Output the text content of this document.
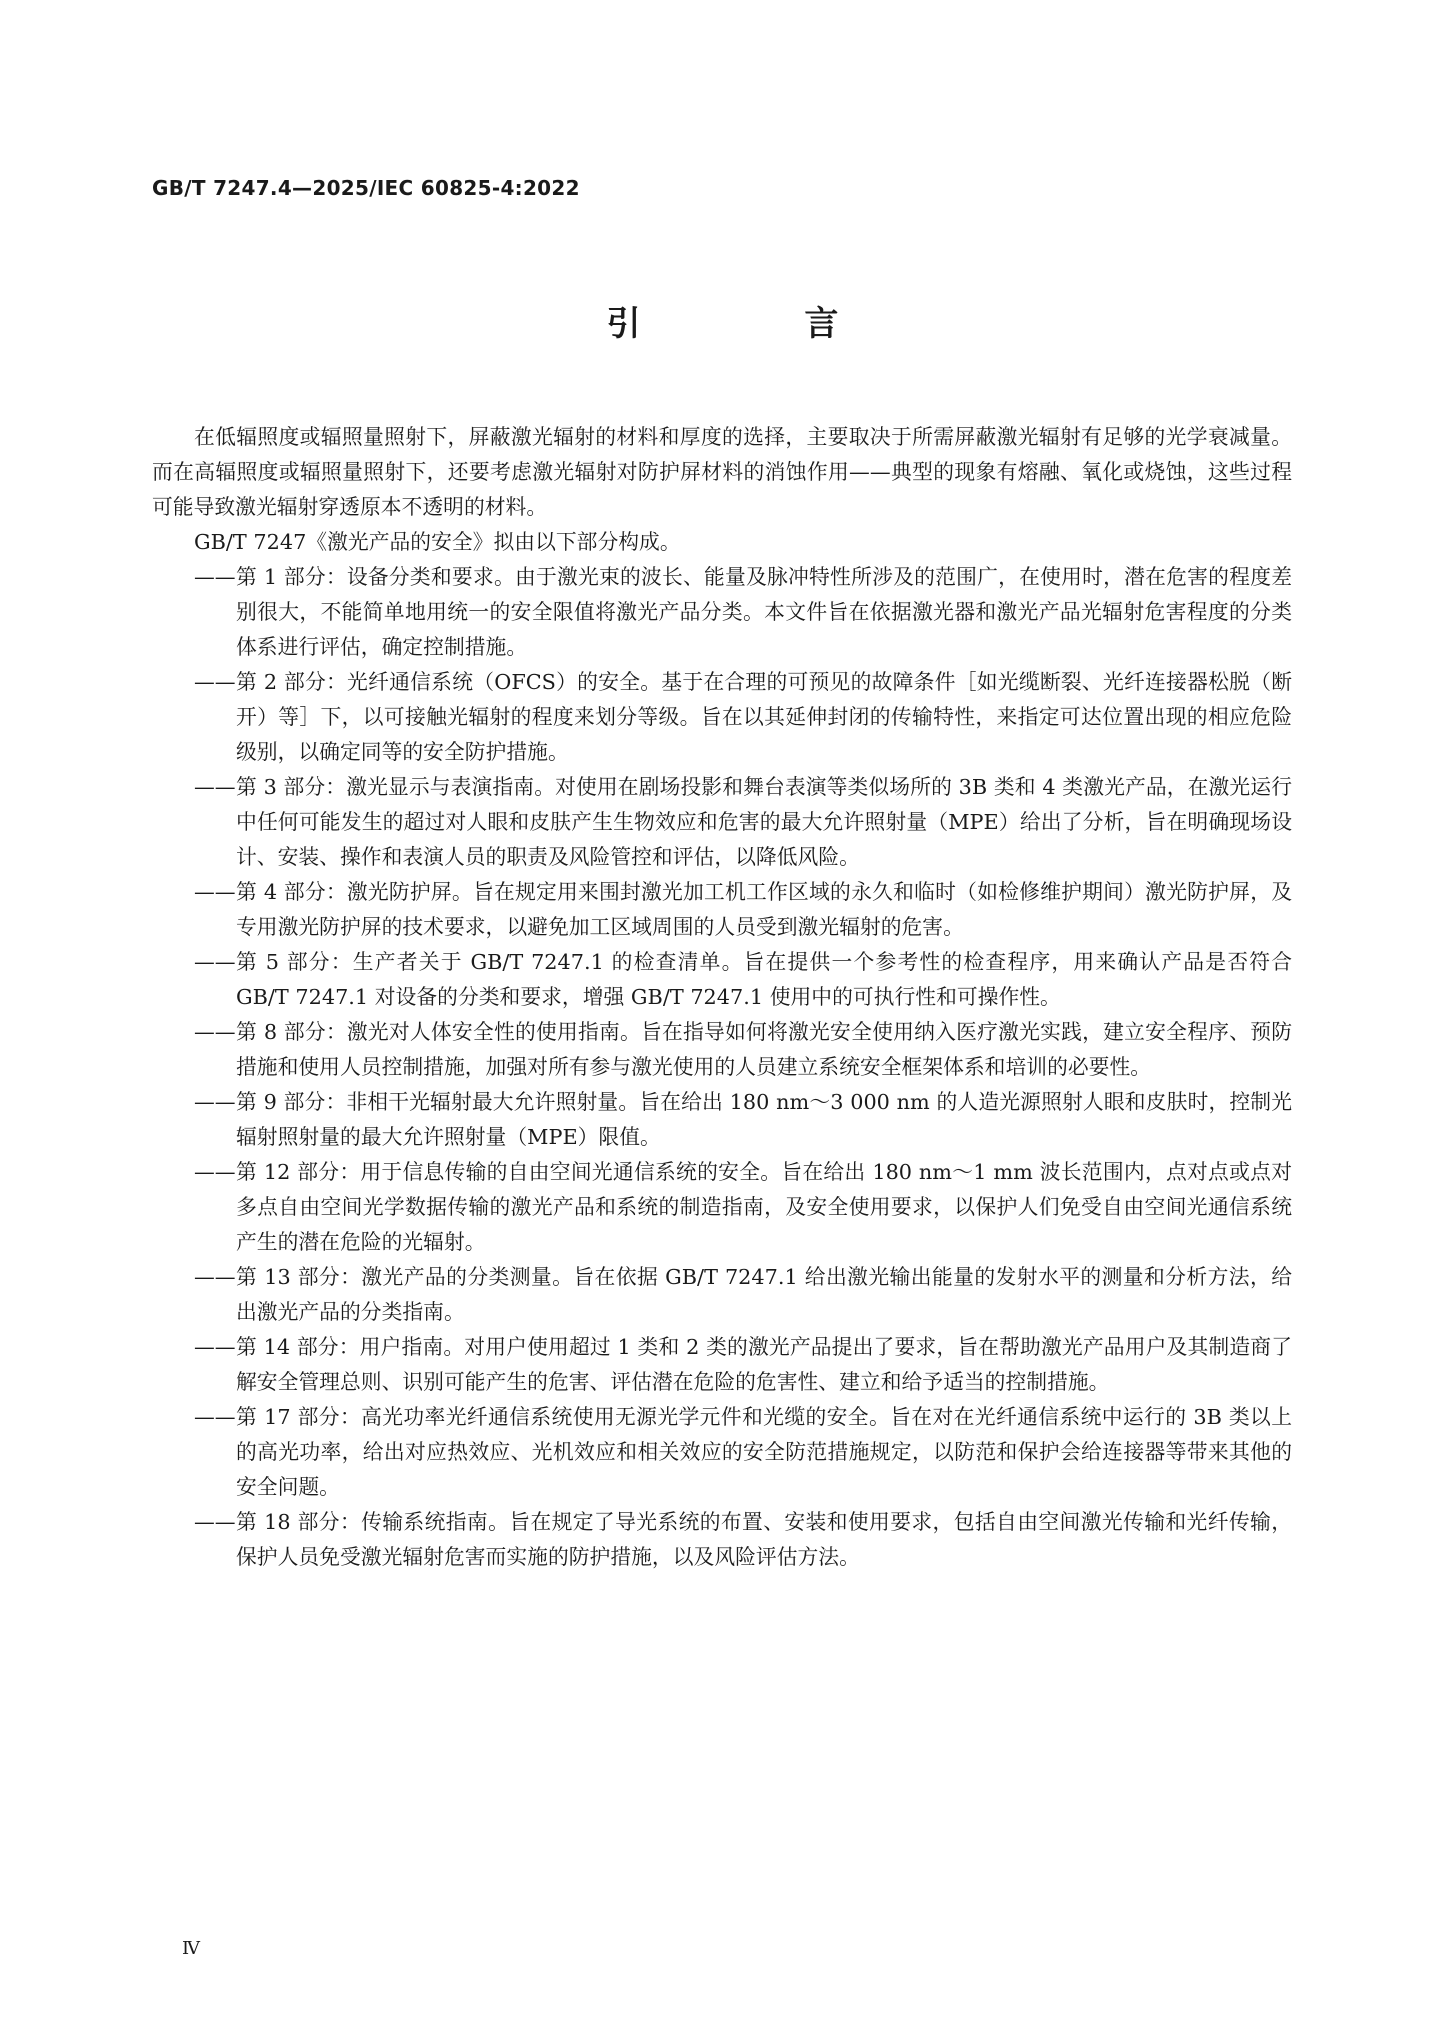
GB/T 7247.4—2025/IEC 60825-4:2022
引 言
在低辐照度或辐照量照射下，屏蔽激光辐射的材料和厚度的选择，主要取决于所需屏蔽激光辐射有足够的光学衰减量。而在高辐照度或辐照量照射下，还要考虑激光辐射对防护屏材料的消蚀作用——典型的现象有熔融、氧化或烧蚀，这些过程可能导致激光辐射穿透原本不透明的材料。
GB/T 7247《激光产品的安全》拟由以下部分构成。
—— 第 1 部分：设备分类和要求。由于激光束的波长、能量及脉冲特性所涉及的范围广，在使用时，潜在危害的程度差别很大，不能简单地用统一的安全限值将激光产品分类。本文件旨在依据激光器和激光产品光辐射危害程度的分类体系进行评估，确定控制措施。
—— 第 2 部分：光纤通信系统（OFCS）的安全。基于在合理的可预见的故障条件［如光缆断裂、光纤连接器松脱（断开）等］下，以可接触光辐射的程度来划分等级。旨在以其延伸封闭的传输特性，来指定可达位置出现的相应危险级别，以确定同等的安全防护措施。
—— 第 3 部分：激光显示与表演指南。对使用在剧场投影和舞台表演等类似场所的 3B 类和 4 类激光产品，在激光运行中任何可能发生的超过对人眼和皮肤产生生物效应和危害的最大允许照射量（MPE）给出了分析，旨在明确现场设计、安装、操作和表演人员的职责及风险管控和评估，以降低风险。
—— 第 4 部分：激光防护屏。旨在规定用来围封激光加工机工作区域的永久和临时（如检修维护期间）激光防护屏，及专用激光防护屏的技术要求，以避免加工区域周围的人员受到激光辐射的危害。
—— 第 5 部分：生产者关于 GB/T 7247.1 的检查清单。旨在提供一个参考性的检查程序，用来确认产品是否符合 GB/T 7247.1 对设备的分类和要求，增强 GB/T 7247.1 使用中的可执行性和可操作性。
—— 第 8 部分：激光对人体安全性的使用指南。旨在指导如何将激光安全使用纳入医疗激光实践，建立安全程序、预防措施和使用人员控制措施，加强对所有参与激光使用的人员建立系统安全框架体系和培训的必要性。
—— 第 9 部分：非相干光辐射最大允许照射量。旨在给出 180 nm～3 000 nm 的人造光源照射人眼和皮肤时，控制光辐射照射量的最大允许照射量（MPE）限值。
—— 第 12 部分：用于信息传输的自由空间光通信系统的安全。旨在给出 180 nm～1 mm 波长范围内，点对点或点对多点自由空间光学数据传输的激光产品和系统的制造指南，及安全使用要求，以保护人们免受自由空间光通信系统产生的潜在危险的光辐射。
—— 第 13 部分：激光产品的分类测量。旨在依据 GB/T 7247.1 给出激光输出能量的发射水平的测量和分析方法，给出激光产品的分类指南。
—— 第 14 部分：用户指南。对用户使用超过 1 类和 2 类的激光产品提出了要求，旨在帮助激光产品用户及其制造商了解安全管理总则、识别可能产生的危害、评估潜在危险的危害性、建立和给予适当的控制措施。
—— 第 17 部分：高光功率光纤通信系统使用无源光学元件和光缆的安全。旨在对在光纤通信系统中运行的 3B 类以上的高光功率，给出对应热效应、光机效应和相关效应的安全防范措施规定，以防范和保护会给连接器等带来其他的安全问题。
—— 第 18 部分：传输系统指南。旨在规定了导光系统的布置、安装和使用要求，包括自由空间激光传输和光纤传输，保护人员免受激光辐射危害而实施的防护措施，以及风险评估方法。
Ⅳ
